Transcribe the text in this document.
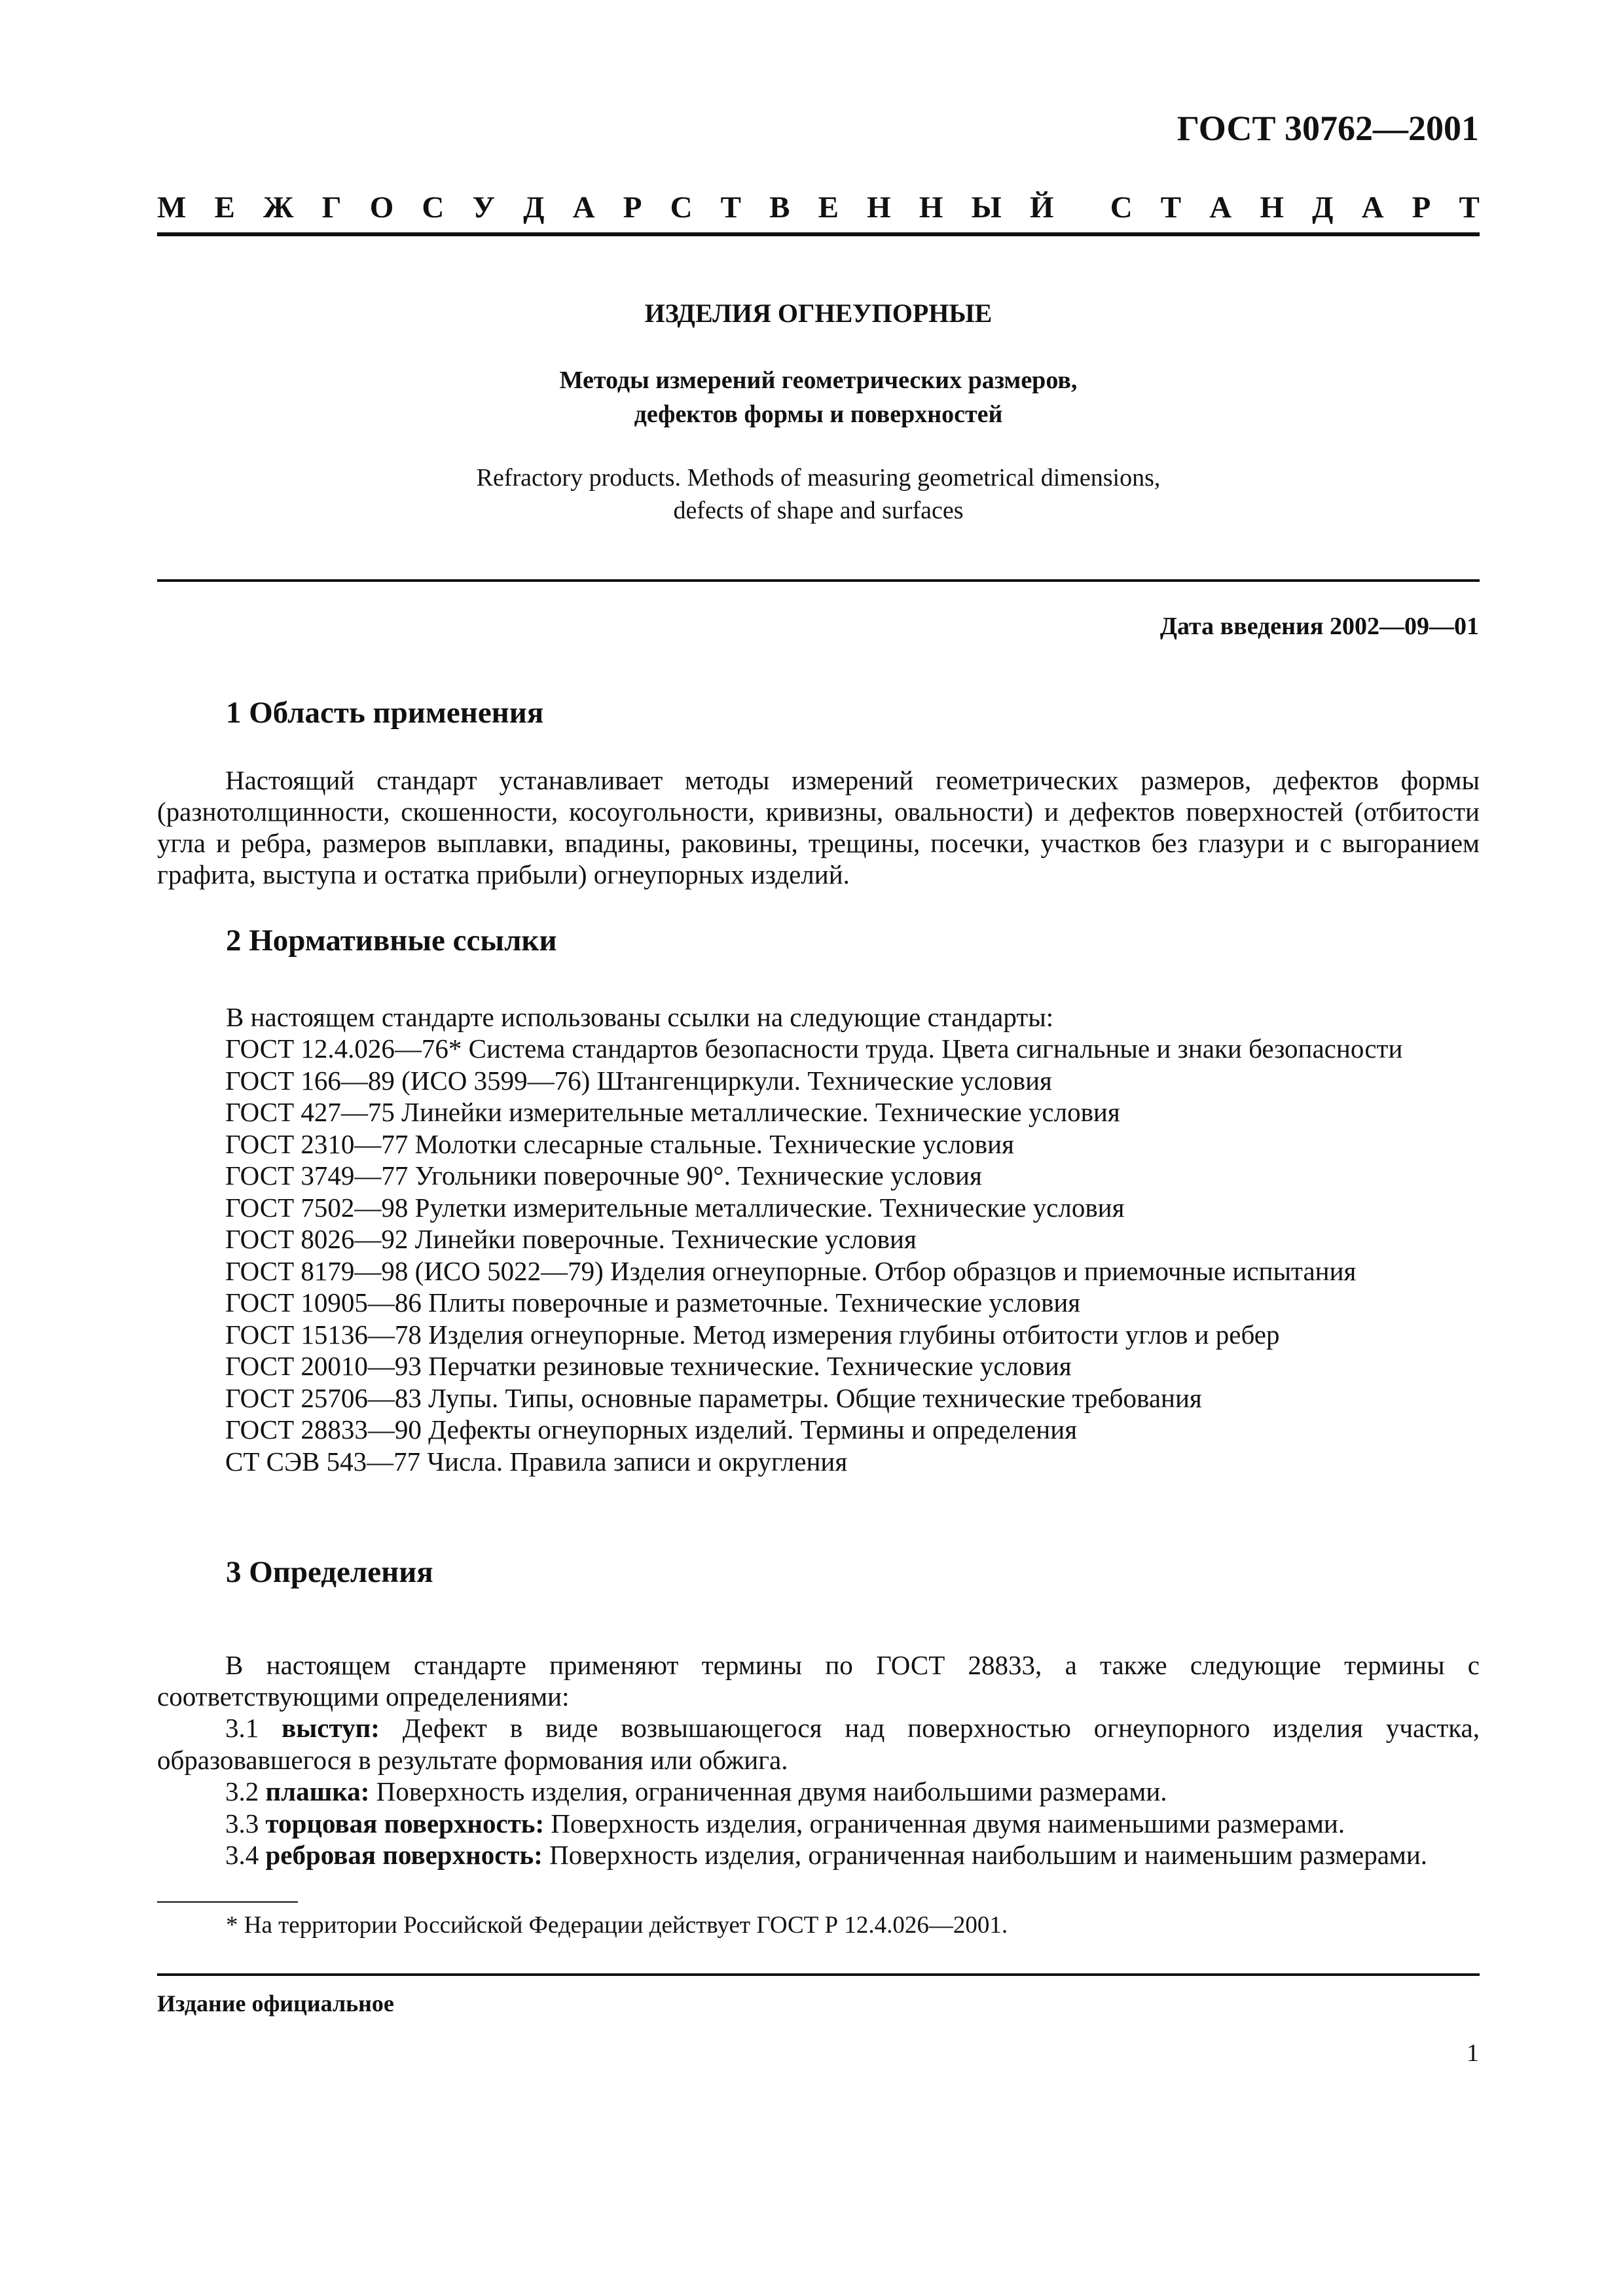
ГОСТ 30762—2001
М Е Ж Г О С У Д А Р С Т В Е Н Н Ы Й С Т А Н Д А Р Т
ИЗДЕЛИЯ ОГНЕУПОРНЫЕ
Методы измерений геометрических размеров,
дефектов формы и поверхностей
Refractory products. Methods of measuring geometrical dimensions,
defects of shape and surfaces
Дата введения 2002—09—01
1 Область применения
Настоящий стандарт устанавливает методы измерений геометрических размеров, дефектов формы (разнотолщинности, скошенности, косоугольности, кривизны, овальности) и дефектов поверхностей (отбитости угла и ребра, размеров выплавки, впадины, раковины, трещины, посечки, участков без глазури и с выгоранием графита, выступа и остатка прибыли) огнеупорных изделий.
2 Нормативные ссылки
В настоящем стандарте использованы ссылки на следующие стандарты:
ГОСТ 12.4.026—76* Система стандартов безопасности труда. Цвета сигнальные и знаки безопасности
ГОСТ 166—89 (ИСО 3599—76) Штангенциркули. Технические условия
ГОСТ 427—75 Линейки измерительные металлические. Технические условия
ГОСТ 2310—77 Молотки слесарные стальные. Технические условия
ГОСТ 3749—77 Угольники поверочные 90°. Технические условия
ГОСТ 7502—98 Рулетки измерительные металлические. Технические условия
ГОСТ 8026—92 Линейки поверочные. Технические условия
ГОСТ 8179—98 (ИСО 5022—79) Изделия огнеупорные. Отбор образцов и приемочные испытания
ГОСТ 10905—86 Плиты поверочные и разметочные. Технические условия
ГОСТ 15136—78 Изделия огнеупорные. Метод измерения глубины отбитости углов и ребер
ГОСТ 20010—93 Перчатки резиновые технические. Технические условия
ГОСТ 25706—83 Лупы. Типы, основные параметры. Общие технические требования
ГОСТ 28833—90 Дефекты огнеупорных изделий. Термины и определения
СТ СЭВ 543—77 Числа. Правила записи и округления
3 Определения
В настоящем стандарте применяют термины по ГОСТ 28833, а также следующие термины с соответствующими определениями:
3.1 выступ: Дефект в виде возвышающегося над поверхностью огнеупорного изделия участка, образовавшегося в результате формования или обжига.
3.2 плашка: Поверхность изделия, ограниченная двумя наибольшими размерами.
3.3 торцовая поверхность: Поверхность изделия, ограниченная двумя наименьшими размерами.
3.4 ребровая поверхность: Поверхность изделия, ограниченная наибольшим и наименьшим размерами.
* На территории Российской Федерации действует ГОСТ Р 12.4.026—2001.
Издание официальное
1
